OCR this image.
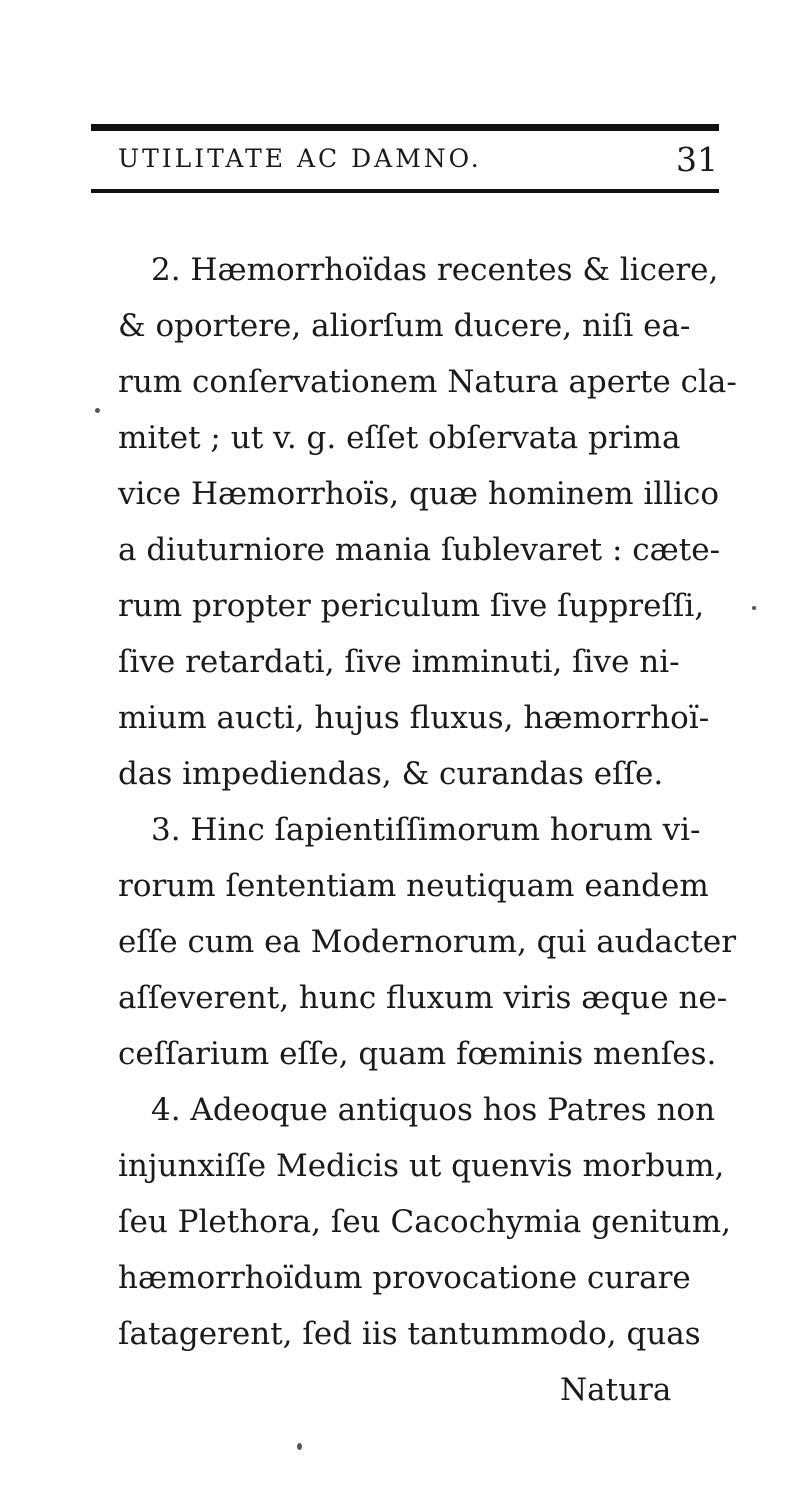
UTILITATE AC DAMNO.	31
2. Hæmorrhoïdas recentes & licere,
& oportere, aliorſum ducere, niſi ea-
rum conſervationem Natura aperte cla-
mitet ; ut v. g. eſſet obſervata prima
vice Hæmorrhoïs, quæ hominem illico
a diuturniore mania ſublevaret : cæte-
rum propter periculum ſive ſuppreſſi,
ſive retardati, ſive imminuti, ſive ni-
mium aucti, hujus fluxus, hæmorrhoï-
das impediendas, & curandas eſſe.
3. Hinc ſapientiſſimorum horum vi-
rorum ſententiam neutiquam eandem
eſſe cum ea Modernorum, qui audacter
aſſeverent, hunc fluxum viris æque ne-
ceſſarium eſſe, quam fœminis menſes.
4. Adeoque antiquos hos Patres non
injunxiſſe Medicis ut quenvis morbum,
ſeu Plethora, ſeu Cacochymia genitum,
hæmorrhoïdum provocatione curare
ſatagerent, ſed iis tantummodo, quas
Natura
